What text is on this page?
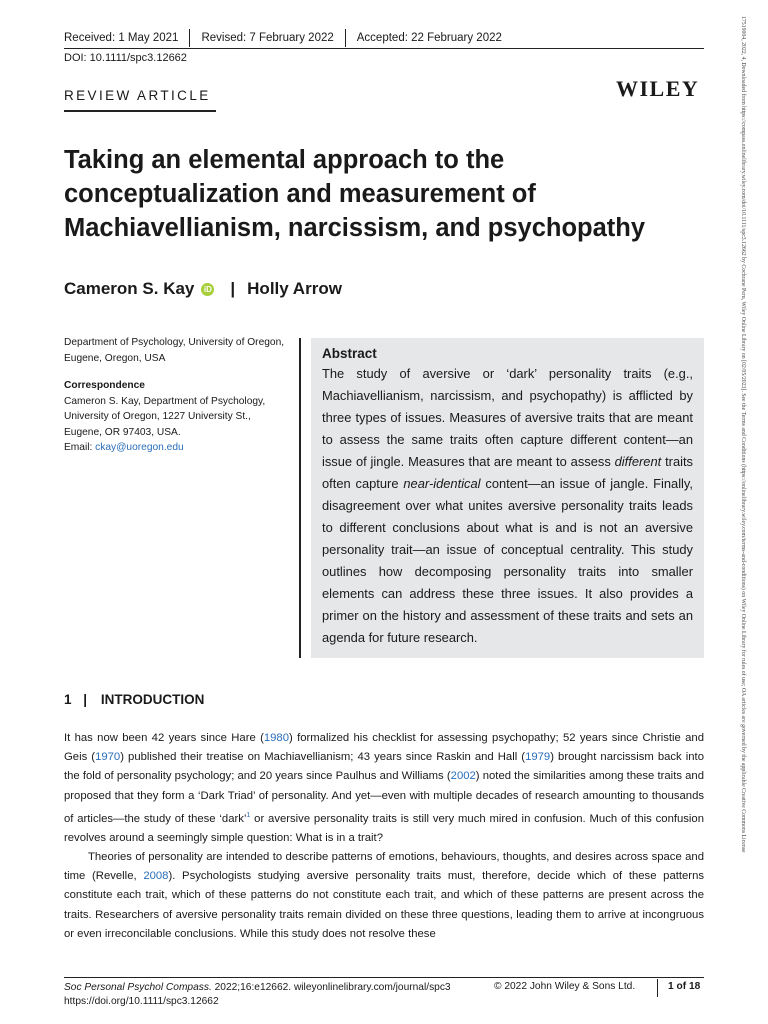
Received: 1 May 2021 Revised: 7 February 2022 Accepted: 22 February 2022
DOI: 10.1111/spc3.12662
REVIEW ARTICLE	WILEY
Taking an elemental approach to the conceptualization and measurement of Machiavellianism, narcissism, and psychopathy
Cameron S. Kay	iD | Holly Arrow

Department of Psychology, University of Oregon, Eugene, Oregon, USA

Correspondence

Cameron S. Kay, Department of Psychology, University of Oregon, 1227 University St., Eugene, OR 97403, USA.

Email: ckay@uoregon.edu

Abstract

The study of aversive or ‘dark’ personality traits (e.g., Machiavellianism, narcissism, and psychopathy) is afflicted by three types of issues. Measures of aversive traits that are meant to assess the same traits often capture different content—an issue of jingle. Measures that are meant to assess different traits often capture near-identical content—an issue of jangle. Finally, disagreement over what unites aversive personality traits leads to different conclusions about what is and is not an aversive personality trait—an issue of conceptual centrality. This study outlines how decomposing personality traits into smaller elements can address these three issues. It also provides a primer on the history and assessment of these traits and sets an agenda for future research.

1 | INTRODUCTION

It has now been 42 years since Hare (1980) formalized his checklist for assessing psychopathy; 52 years since Christie and Geis (1970) published their treatise on Machiavellianism; 43 years since Raskin and Hall (1979) brought narcissism back into the fold of personality psychology; and 20 years since Paulhus and Williams (2002) noted the similarities among these traits and proposed that they form a ‘Dark Triad’ of personality. And yet—even with multiple decades of research amounting to thousands of articles—the study of these ‘dark’$^1$ or aversive personality traits is still very much mired in confusion. Much of this confusion revolves around a seemingly simple question: What is in a trait?

Theories of personality are intended to describe patterns of emotions, behaviours, thoughts, and desires across space and time (Revelle, 2008). Psychologists studying aversive personality traits must, therefore, decide which of these patterns constitute each trait, which of these patterns do not constitute each trait, and which of these patterns are present across the traits. Researchers of aversive personality traits remain divided on these three questions, leading them to arrive at incongruous or even irreconcilable conclusions. While this study does not resolve these

Soc Personal Psychol Compass. 2022;16:e12662. wileyonlinelibrary.com/journal/spc3
https://doi.org/10.1111/spc3.12662
© 2022 John Wiley & Sons Ltd.	1 of 18
17519004, 2022, 4, Downloaded from https://compass.onlinelibrary.wiley.com/doi/10.1111/spc3.12662 by Cochrane Peru, Wiley Online Library on [02/05/2023]. See the Terms and Conditions (https://onlinelibrary.wiley.com/terms-and-conditions) on Wiley Online Library for rules of use; OA articles are governed by the applicable Creative Commons License
